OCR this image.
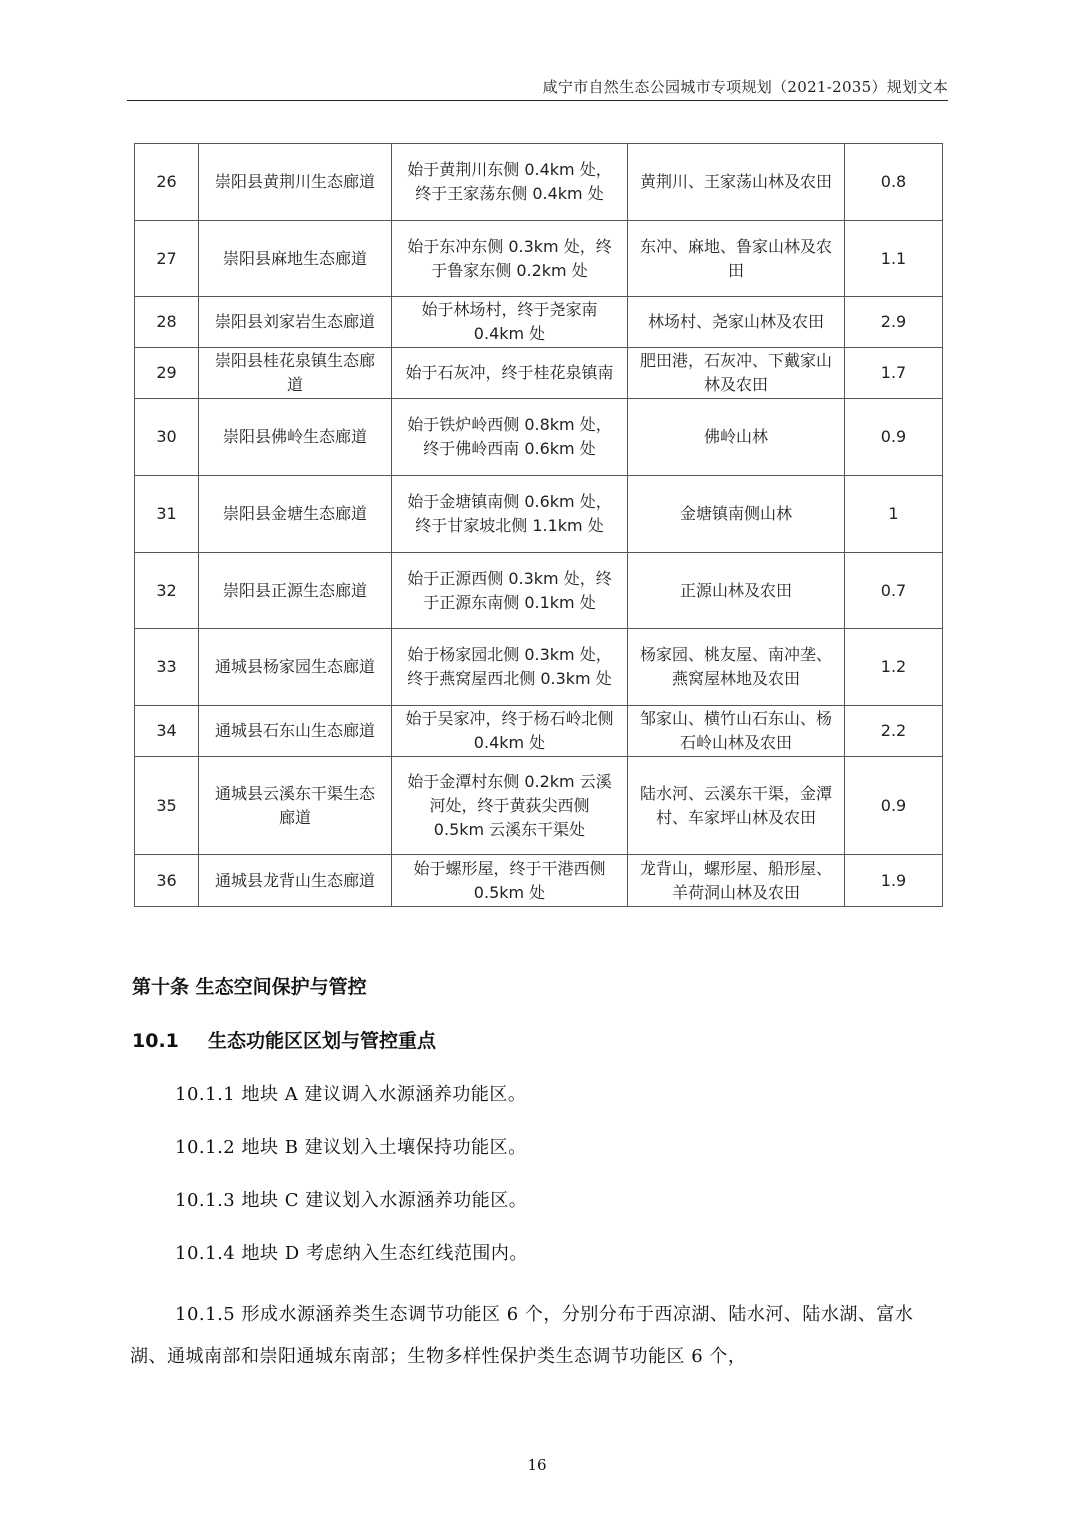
咸宁市自然生态公园城市专项规划（2021-2035）规划文本
26	崇阳县黄荆川生态廊道	始于黄荆川东侧 0.4km 处，终于王家荡东侧 0.4km 处	黄荆川、王家荡山林及农田	0.8
27	崇阳县麻地生态廊道	始于东冲东侧 0.3km 处，终于鲁家东侧 0.2km 处	东冲、麻地、鲁家山林及农田	1.1
28	崇阳县刘家岩生态廊道	始于林场村，终于尧家南 0.4km 处	林场村、尧家山林及农田	2.9
29	崇阳县桂花泉镇生态廊道	始于石灰冲，终于桂花泉镇南	肥田港，石灰冲、下戴家山林及农田	1.7
30	崇阳县佛岭生态廊道	始于铁炉岭西侧 0.8km 处，终于佛岭西南 0.6km 处	佛岭山林	0.9
31	崇阳县金塘生态廊道	始于金塘镇南侧 0.6km 处，终于甘家坡北侧 1.1km 处	金塘镇南侧山林	1
32	崇阳县正源生态廊道	始于正源西侧 0.3km 处，终于正源东南侧 0.1km 处	正源山林及农田	0.7
33	通城县杨家园生态廊道	始于杨家园北侧 0.3km 处，终于燕窝屋西北侧 0.3km 处	杨家园、桃友屋、南冲垄、燕窝屋林地及农田	1.2
34	通城县石东山生态廊道	始于吴家冲，终于杨石岭北侧 0.4km 处	邹家山、横竹山石东山、杨石岭山林及农田	2.2
35	通城县云溪东干渠生态廊道	始于金潭村东侧 0.2km 云溪河处，终于黄荻尖西侧 0.5km 云溪东干渠处	陆水河、云溪东干渠，金潭村、车家坪山林及农田	0.9
36	通城县龙背山生态廊道	始于螺形屋，终于干港西侧 0.5km 处	龙背山，螺形屋、船形屋、羊荷洞山林及农田	1.9
第十条 生态空间保护与管控
10.1 生态功能区区划与管控重点
10.1.1 地块 A 建议调入水源涵养功能区。
10.1.2 地块 B 建议划入土壤保持功能区。
10.1.3 地块 C 建议划入水源涵养功能区。
10.1.4 地块 D 考虑纳入生态红线范围内。
10.1.5 形成水源涵养类生态调节功能区 6 个，分别分布于西凉湖、陆水河、陆水湖、富水湖、通城南部和崇阳通城东南部；生物多样性保护类生态调节功能区 6 个，
16
